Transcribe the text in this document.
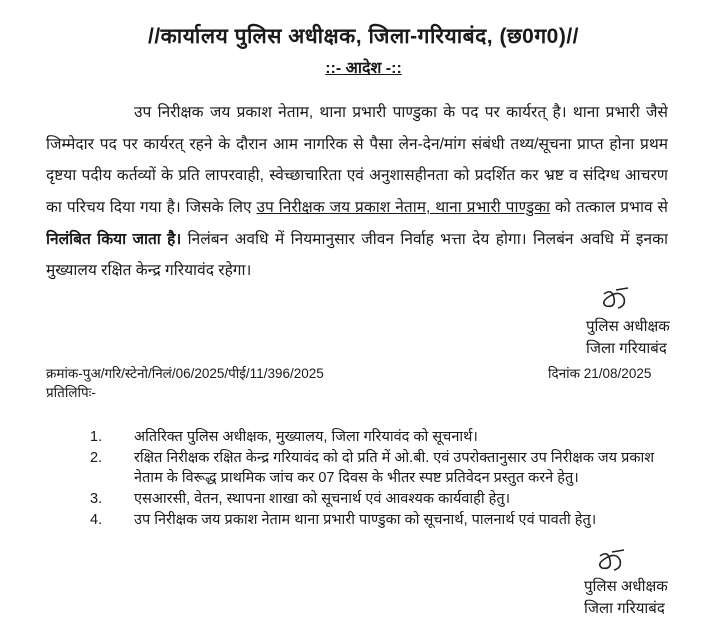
//कार्यालय पुलिस अधीक्षक, जिला-गरियाबंद, (छ0ग0)//
::- आदेश -::
उप निरीक्षक जय प्रकाश नेताम, थाना प्रभारी पाण्डुका के पद पर कार्यरत् है। थाना प्रभारी जैसे
जिम्मेदार पद पर कार्यरत् रहने के दौरान आम नागरिक से पैसा लेन-देन/मांग संबंधी तथ्य/सूचना प्राप्त होना प्रथम
दृष्टया पदीय कर्तव्यों के प्रति लापरवाही, स्वेच्छाचारिता एवं अनुशासहीनता को प्रदर्शित कर भ्रष्ट व संदिग्ध आचरण
का परिचय दिया गया है। जिसके लिए उप निरीक्षक जय प्रकाश नेताम, थाना प्रभारी पाण्डुका को तत्काल प्रभाव से
निलंबित किया जाता है। निलंबन अवधि में नियमानुसार जीवन निर्वाह भत्ता देय होगा। निलबंन अवधि में इनका
मुख्यालय रक्षित केन्द्र गरियावंद रहेगा।
पुलिस अधीक्षक
जिला गरियाबंद
क्रमांक-पुअ/गरि/स्टेनो/निलं/06/2025/पीई/11/396/2025	दिनांक 21/08/2025
प्रतिलिपिः-
1.	अतिरिक्त पुलिस अधीक्षक, मुख्यालय, जिला गरियावंद को सूचनार्थ।
2.	रक्षित निरीक्षक रक्षित केन्द्र गरियावंद को दो प्रति में ओ.बी. एवं उपरोक्तानुसार उप निरीक्षक जय प्रकाश नेताम के विरूद्ध प्राथमिक जांच कर 07 दिवस के भीतर स्पष्ट प्रतिवेदन प्रस्तुत करने हेतु।
3.	एसआरसी, वेतन, स्थापना शाखा को सूचनार्थ एवं आवश्यक कार्यवाही हेतु।
4.	उप निरीक्षक जय प्रकाश नेताम थाना प्रभारी पाण्डुका को सूचनार्थ, पालनार्थ एवं पावती हेतु।
पुलिस अधीक्षक
जिला गरियाबंद
